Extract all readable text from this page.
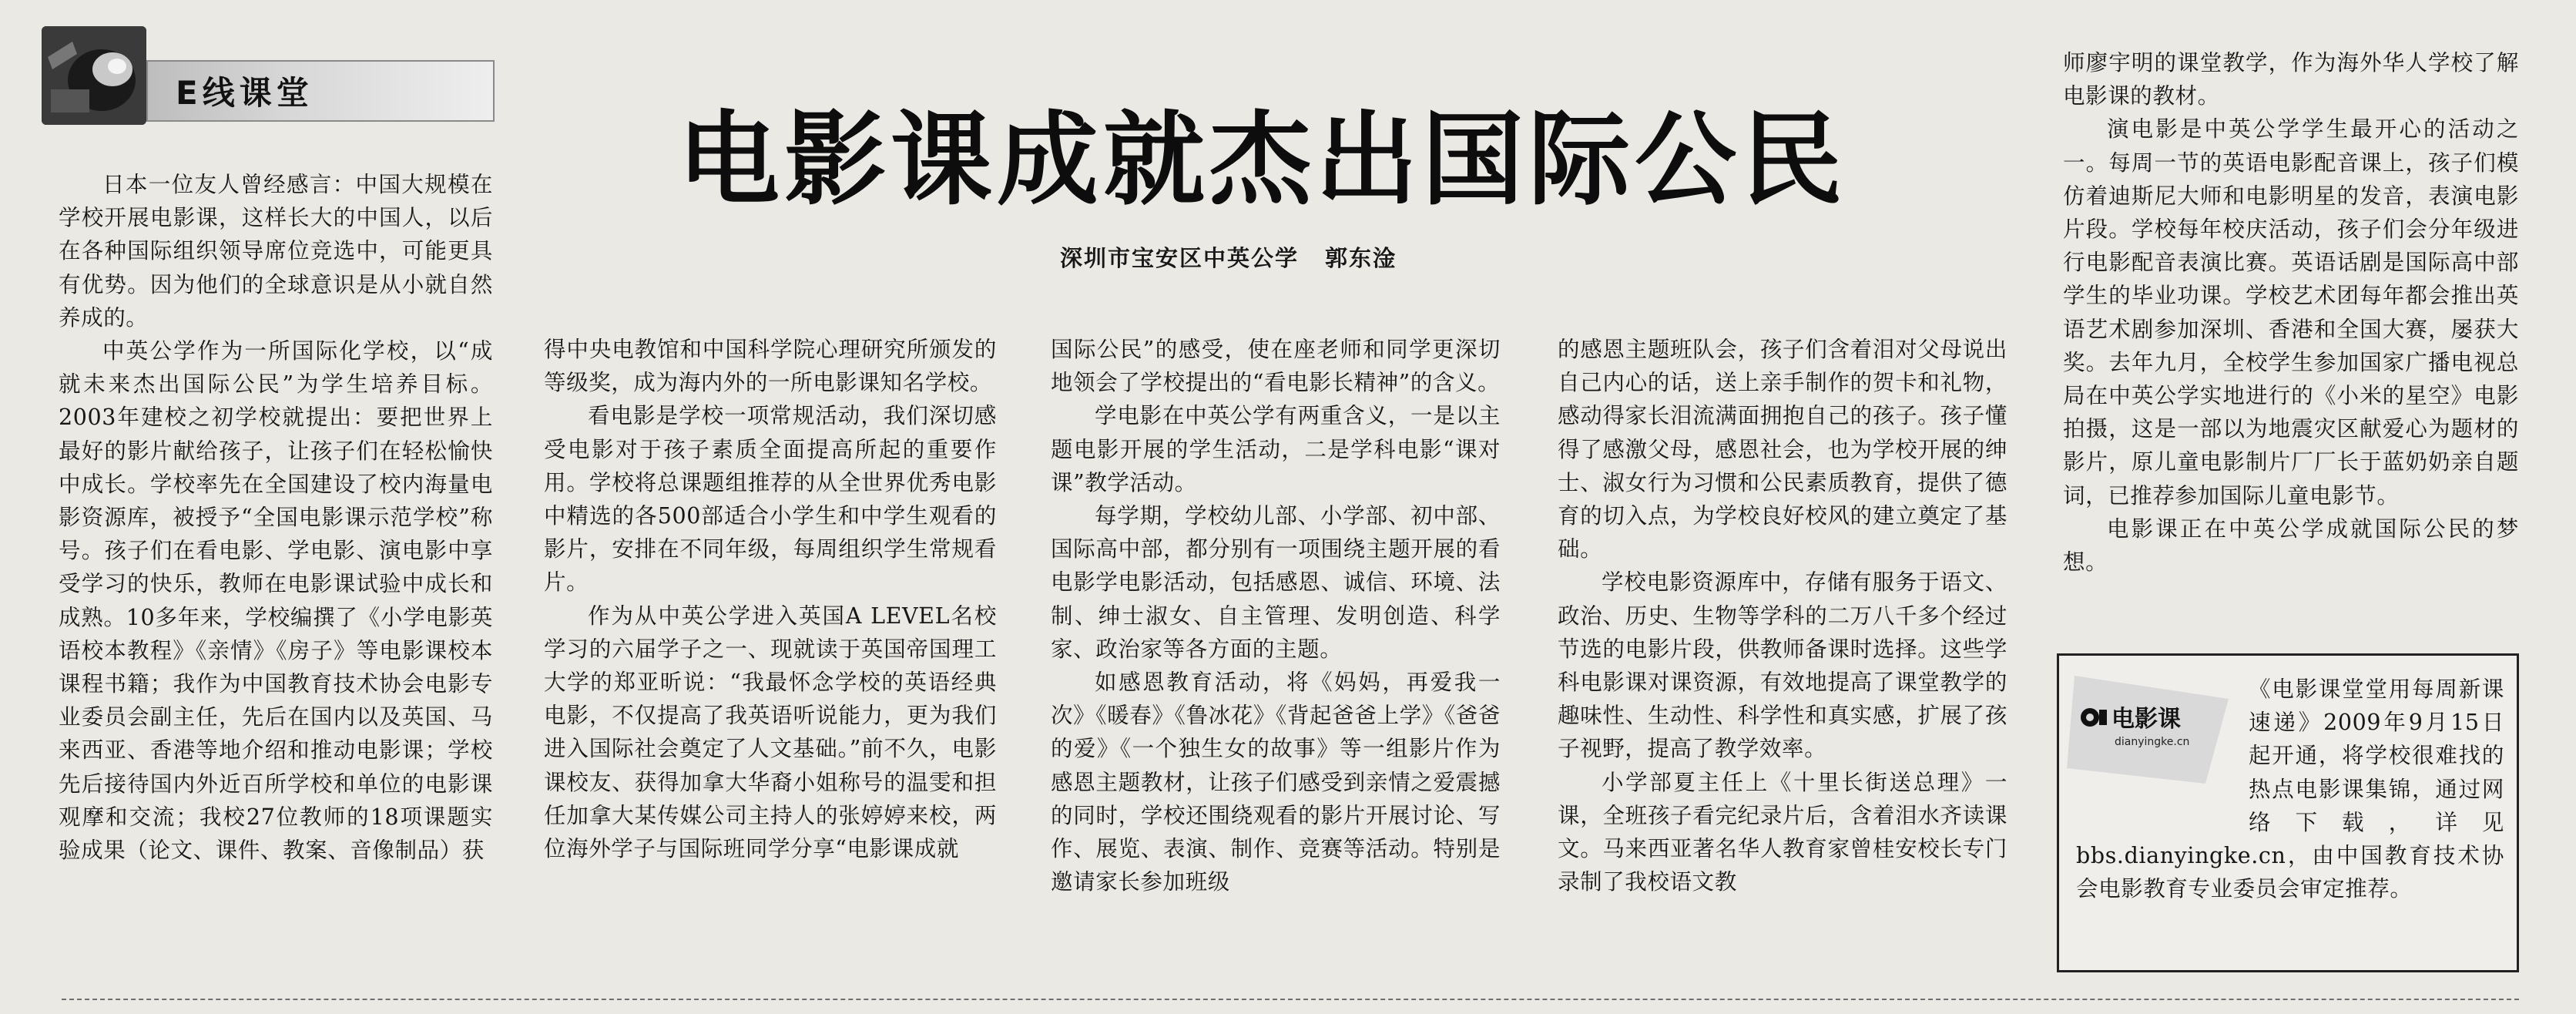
E线课堂
电影课成就杰出国际公民
深圳市宝安区中英公学 郭东淦

日本一位友人曾经感言：中国大规模在学校开展电影课，这样长大的中国人，以后在各种国际组织领导席位竞选中，可能更具有优势。因为他们的全球意识是从小就自然养成的。

中英公学作为一所国际化学校，以“成就未来杰出国际公民”为学生培养目标。2003年建校之初学校就提出：要把世界上最好的影片献给孩子，让孩子们在轻松愉快中成长。学校率先在全国建设了校内海量电影资源库，被授予“全国电影课示范学校”称号。孩子们在看电影、学电影、演电影中享受学习的快乐，教师在电影课试验中成长和成熟。10多年来，学校编撰了《小学电影英语校本教程》《亲情》《房子》等电影课校本课程书籍；我作为中国教育技术协会电影专业委员会副主任，先后在国内以及英国、马来西亚、香港等地介绍和推动电影课；学校先后接待国内外近百所学校和单位的电影课观摩和交流；我校27位教师的18项课题实验成果（论文、课件、教案、音像制品）获

得中央电教馆和中国科学院心理研究所颁发的等级奖，成为海内外的一所电影课知名学校。

看电影是学校一项常规活动，我们深切感受电影对于孩子素质全面提高所起的重要作用。学校将总课题组推荐的从全世界优秀电影中精选的各500部适合小学生和中学生观看的影片，安排在不同年级，每周组织学生常规看片。

作为从中英公学进入英国A LEVEL名校学习的六届学子之一、现就读于英国帝国理工大学的郑亚昕说：“我最怀念学校的英语经典电影，不仅提高了我英语听说能力，更为我们进入国际社会奠定了人文基础。”前不久，电影课校友、获得加拿大华裔小姐称号的温雯和担任加拿大某传媒公司主持人的张婷婷来校，两位海外学子与国际班同学分享“电影课成就

国际公民”的感受，使在座老师和同学更深切地领会了学校提出的“看电影长精神”的含义。

学电影在中英公学有两重含义，一是以主题电影开展的学生活动，二是学科电影“课对课”教学活动。

每学期，学校幼儿部、小学部、初中部、国际高中部，都分别有一项围绕主题开展的看电影学电影活动，包括感恩、诚信、环境、法制、绅士淑女、自主管理、发明创造、科学家、政治家等各方面的主题。

如感恩教育活动，将《妈妈，再爱我一次》《暖春》《鲁冰花》《背起爸爸上学》《爸爸的爱》《一个独生女的故事》等一组影片作为感恩主题教材，让孩子们感受到亲情之爱震撼的同时，学校还围绕观看的影片开展讨论、写作、展览、表演、制作、竞赛等活动。特别是邀请家长参加班级

的感恩主题班队会，孩子们含着泪对父母说出自己内心的话，送上亲手制作的贺卡和礼物，感动得家长泪流满面拥抱自己的孩子。孩子懂得了感激父母，感恩社会，也为学校开展的绅士、淑女行为习惯和公民素质教育，提供了德育的切入点，为学校良好校风的建立奠定了基础。

学校电影资源库中，存储有服务于语文、政治、历史、生物等学科的二万八千多个经过节选的电影片段，供教师备课时选择。这些学科电影课对课资源，有效地提高了课堂教学的趣味性、生动性、科学性和真实感，扩展了孩子视野，提高了教学效率。

小学部夏主任上《十里长街送总理》一课，全班孩子看完纪录片后，含着泪水齐读课文。马来西亚著名华人教育家曾桂安校长专门录制了我校语文教

师廖宇明的课堂教学，作为海外华人学校了解电影课的教材。

演电影是中英公学学生最开心的活动之一。每周一节的英语电影配音课上，孩子们模仿着迪斯尼大师和电影明星的发音，表演电影片段。学校每年校庆活动，孩子们会分年级进行电影配音表演比赛。英语话剧是国际高中部学生的毕业功课。学校艺术团每年都会推出英语艺术剧参加深圳、香港和全国大赛，屡获大奖。去年九月，全校学生参加国家广播电视总局在中英公学实地进行的《小米的星空》电影拍摄，这是一部以为地震灾区献爱心为题材的影片，原儿童电影制片厂厂长于蓝奶奶亲自题词，已推荐参加国际儿童电影节。

电影课正在中英公学成就国际公民的梦想。

电影课
dianyingke.cn
《电影课堂堂用每周新课速递》2009年9月15日起开通，将学校很难找的热点电影课集锦，通过网络下载，详见 bbs.dianyingke.cn，由中国教育技术协会电影教育专业委员会审定推荐。
